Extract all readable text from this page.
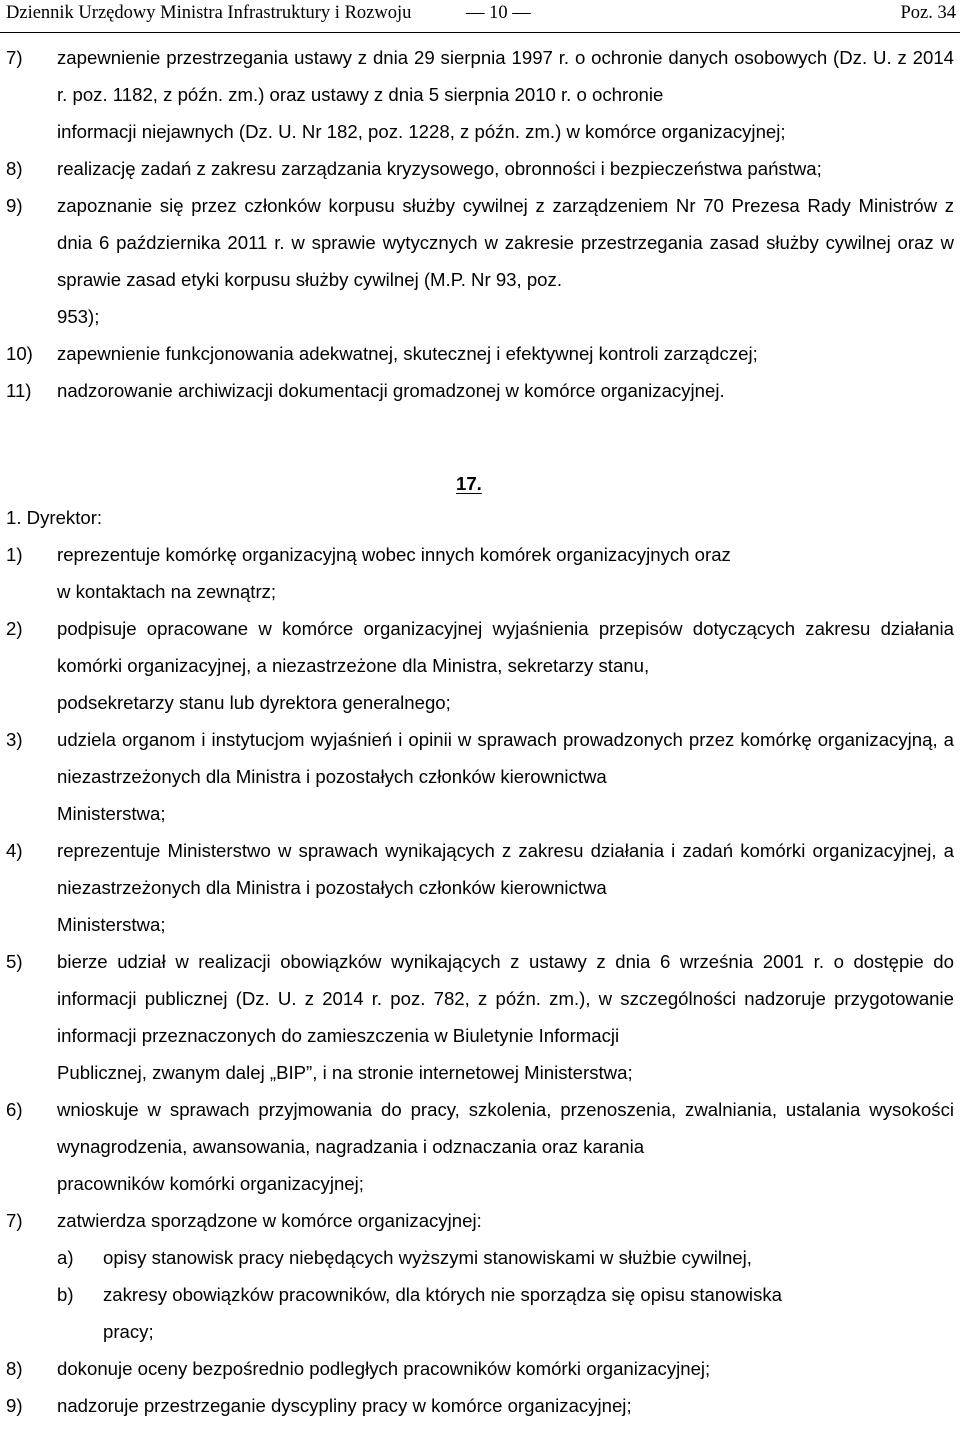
Dziennik Urzędowy Ministra Infrastruktury i Rozwoju	— 10 —	Poz. 34
7) zapewnienie przestrzegania ustawy z dnia 29 sierpnia 1997 r. o ochronie danych osobowych (Dz. U. z 2014 r. poz. 1182, z późn. zm.) oraz ustawy z dnia 5 sierpnia 2010 r. o ochronie
informacji niejawnych (Dz. U. Nr 182, poz. 1228, z późn. zm.) w komórce organizacyjnej;
8) realizację zadań z zakresu zarządzania kryzysowego, obronności i bezpieczeństwa państwa;
9) zapoznanie się przez członków korpusu służby cywilnej z zarządzeniem Nr 70 Prezesa Rady Ministrów z dnia 6 października 2011 r. w sprawie wytycznych w zakresie przestrzegania zasad służby cywilnej oraz w sprawie zasad etyki korpusu służby cywilnej (M.P. Nr 93, poz.
953);
10) zapewnienie funkcjonowania adekwatnej, skutecznej i efektywnej kontroli zarządczej;
11) nadzorowanie archiwizacji dokumentacji gromadzonej w komórce organizacyjnej.
17.
1. Dyrektor:
1) reprezentuje komórkę organizacyjną wobec innych komórek organizacyjnych oraz
w kontaktach na zewnątrz;
2) podpisuje opracowane w komórce organizacyjnej wyjaśnienia przepisów dotyczących zakresu działania komórki organizacyjnej, a niezastrzeżone dla Ministra, sekretarzy stanu,
podsekretarzy stanu lub dyrektora generalnego;
3) udziela organom i instytucjom wyjaśnień i opinii w sprawach prowadzonych przez komórkę organizacyjną, a niezastrzeżonych dla Ministra i pozostałych członków kierownictwa
Ministerstwa;
4) reprezentuje Ministerstwo w sprawach wynikających z zakresu działania i zadań komórki organizacyjnej, a niezastrzeżonych dla Ministra i pozostałych członków kierownictwa
Ministerstwa;
5) bierze udział w realizacji obowiązków wynikających z ustawy z dnia 6 września 2001 r. o dostępie do informacji publicznej (Dz. U. z 2014 r. poz. 782, z późn. zm.), w szczególności nadzoruje przygotowanie informacji przeznaczonych do zamieszczenia w Biuletynie Informacji
Publicznej, zwanym dalej „BIP”, i na stronie internetowej Ministerstwa;
6) wnioskuje w sprawach przyjmowania do pracy, szkolenia, przenoszenia, zwalniania, ustalania wysokości wynagrodzenia, awansowania, nagradzania i odznaczania oraz karania
pracowników komórki organizacyjnej;
7) zatwierdza sporządzone w komórce organizacyjnej:
a) opisy stanowisk pracy niebędących wyższymi stanowiskami w służbie cywilnej,
b) zakresy obowiązków pracowników, dla których nie sporządza się opisu stanowiska
pracy;
8) dokonuje oceny bezpośrednio podległych pracowników komórki organizacyjnej;
9) nadzoruje przestrzeganie dyscypliny pracy w komórce organizacyjnej;
